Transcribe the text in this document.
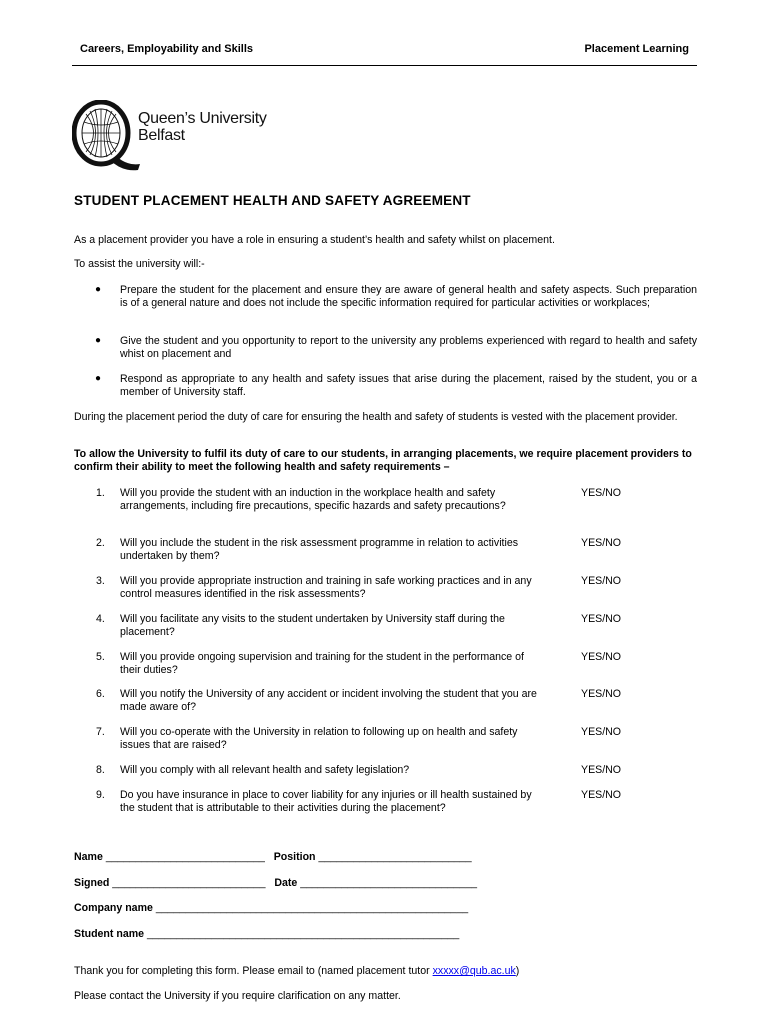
Careers, Employability and Skills	Placement Learning
Queen’s University
Belfast
STUDENT PLACEMENT HEALTH AND SAFETY AGREEMENT
As a placement provider you have a role in ensuring a student’s health and safety whilst on placement.
To assist the university will:-
● Prepare the student for the placement and ensure they are aware of general health and safety aspects. Such preparation is of a general nature and does not include the specific information required for particular activities or workplaces;
● Give the student and you opportunity to report to the university any problems experienced with regard to health and safety whist on placement and
● Respond as appropriate to any health and safety issues that arise during the placement, raised by the student, you or a member of University staff.
During the placement period the duty of care for ensuring the health and safety of students is vested with the placement provider.
To allow the University to fulfil its duty of care to our students, in arranging placements, we require placement providers to confirm their ability to meet the following health and safety requirements –
1. Will you provide the student with an induction in the workplace health and safety arrangements, including fire precautions, specific hazards and safety precautions?
YES/NO
2. Will you include the student in the risk assessment programme in relation to activities undertaken by them?
YES/NO
3. Will you provide appropriate instruction and training in safe working practices and in any control measures identified in the risk assessments?
YES/NO
4. Will you facilitate any visits to the student undertaken by University staff during the placement?
YES/NO
5. Will you provide ongoing supervision and training for the student in the performance of their duties?
YES/NO
6. Will you notify the University of any accident or incident involving the student that you are made aware of?
YES/NO
7. Will you co-operate with the University in relation to following up on health and safety issues that are raised?
YES/NO
8. Will you comply with all relevant health and safety legislation?	YES/NO
9. Do you have insurance in place to cover liability for any injuries or ill health sustained by the student that is attributable to their activities during the placement?
YES/NO
Name ___________________________ Position __________________________
Signed __________________________ Date ______________________________
Company name _____________________________________________________
Student name _____________________________________________________
Thank you for completing this form. Please email to (named placement tutor xxxxx@qub.ac.uk)
Please contact the University if you require clarification on any matter.
